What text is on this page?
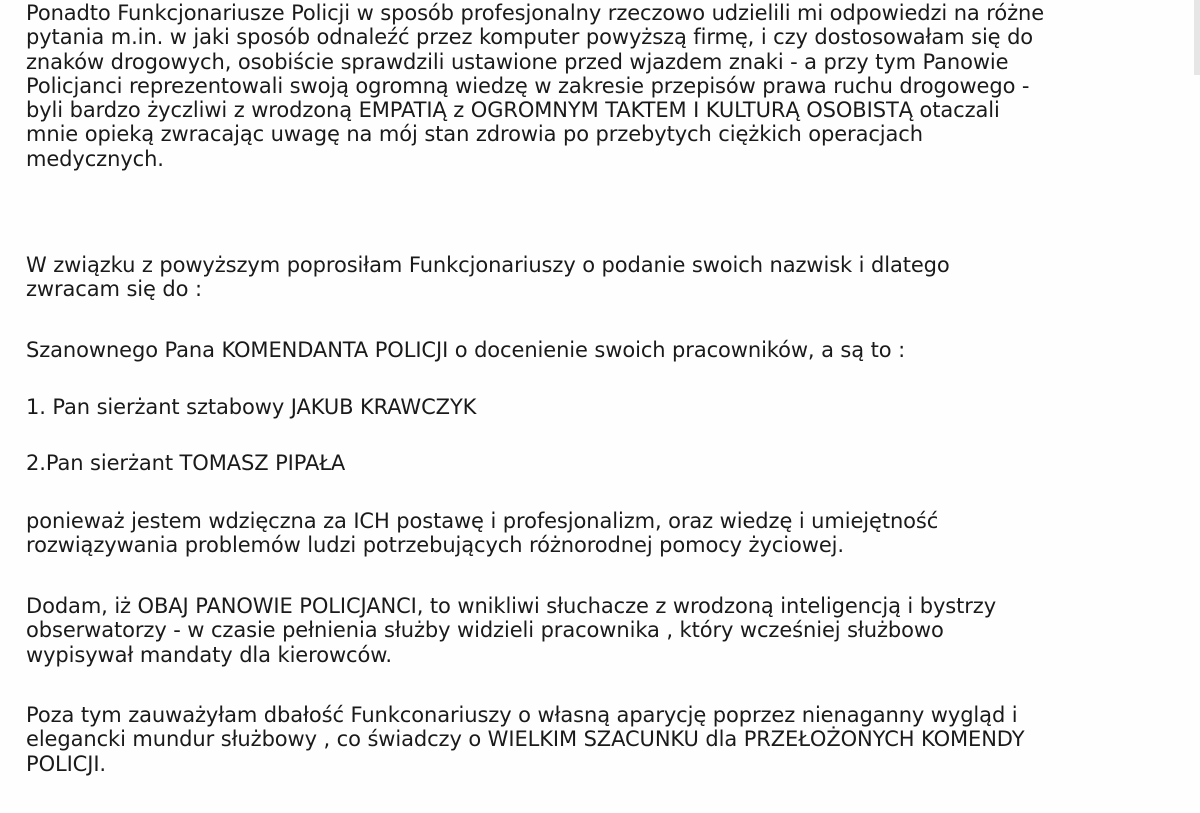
Ponadto Funkcjonariusze Policji w sposób profesjonalny rzeczowo udzielili mi odpowiedzi na różne
pytania m.in. w jaki sposób odnaleźć przez komputer powyższą firmę, i czy dostosowałam się do
znaków drogowych, osobiście sprawdzili ustawione przed wjazdem znaki - a przy tym Panowie
Policjanci reprezentowali swoją ogromną wiedzę w zakresie przepisów prawa ruchu drogowego -
byli bardzo życzliwi z wrodzoną EMPATIĄ z OGROMNYM TAKTEM I KULTURĄ OSOBISTĄ otaczali
mnie opieką zwracając uwagę na mój stan zdrowia po przebytych ciężkich operacjach
medycznych.

W związku z powyższym poprosiłam Funkcjonariuszy o podanie swoich nazwisk i dlatego
zwracam się do :

Szanownego Pana KOMENDANTA POLICJI o docenienie swoich pracowników, a są to :

1. Pan sierżant sztabowy JAKUB KRAWCZYK

2.Pan sierżant TOMASZ PIPAŁA

ponieważ jestem wdzięczna za ICH postawę i profesjonalizm, oraz wiedzę i umiejętność
rozwiązywania problemów ludzi potrzebujących różnorodnej pomocy życiowej.

Dodam, iż OBAJ PANOWIE POLICJANCI, to wnikliwi słuchacze z wrodzoną inteligencją i bystrzy
obserwatorzy - w czasie pełnienia służby widzieli pracownika , który wcześniej służbowo
wypisywał mandaty dla kierowców.

Poza tym zauważyłam dbałość Funkconariuszy o własną aparycję poprzez nienaganny wygląd i
elegancki mundur służbowy , co świadczy o WIELKIM SZACUNKU dla PRZEŁOŻONYCH KOMENDY
POLICJI.
